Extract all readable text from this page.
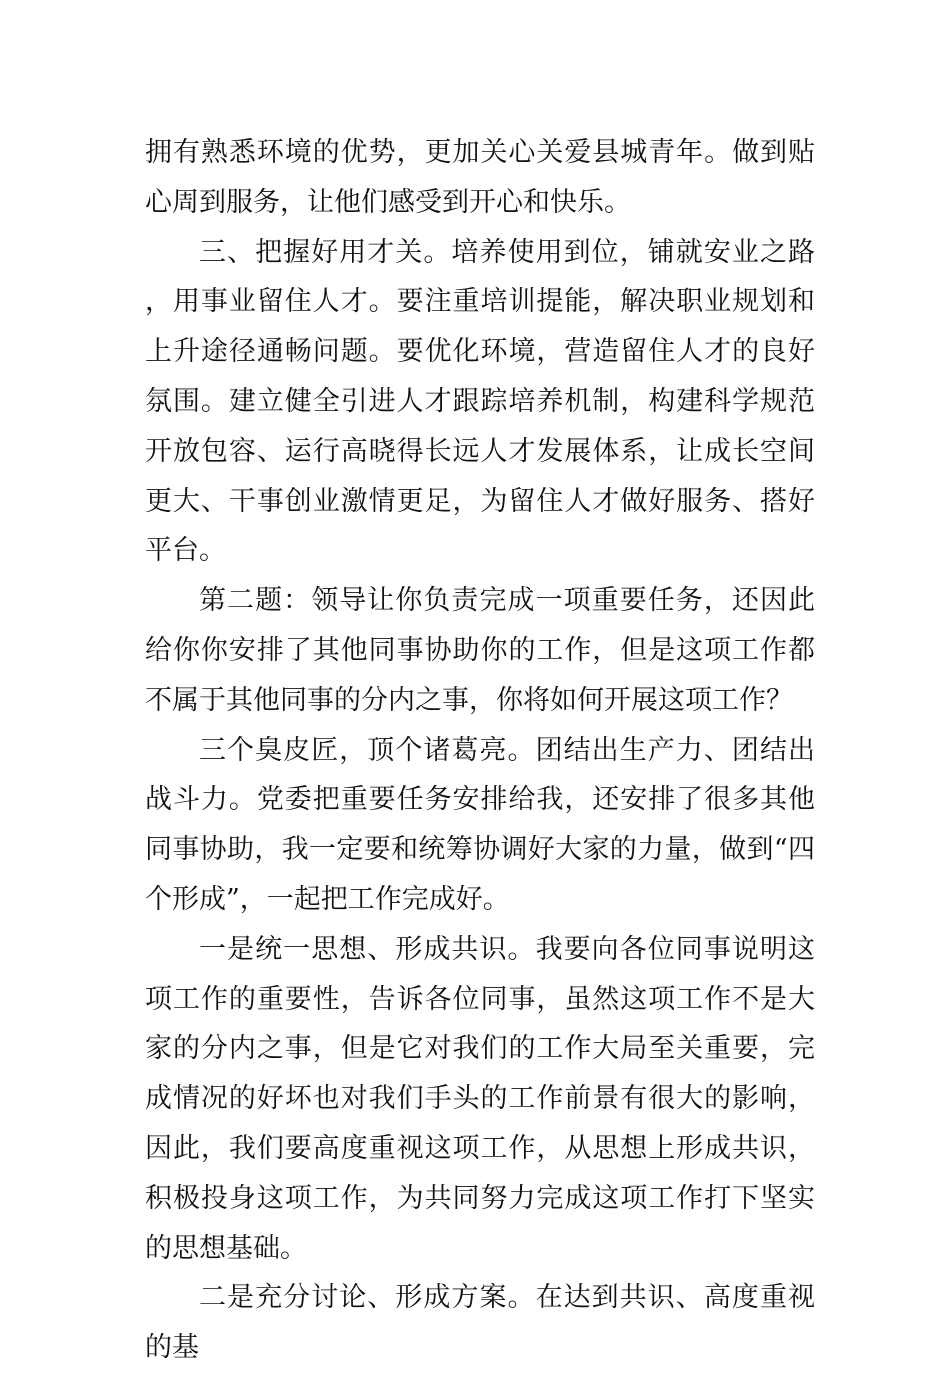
拥有熟悉环境的优势，更加关心关爱县城青年。做到贴心周到服务，让他们感受到开心和快乐。

三、把握好用才关。培养使用到位，铺就安业之路，用事业留住人才。要注重培训提能，解决职业规划和上升途径通畅问题。要优化环境，营造留住人才的良好氛围。建立健全引进人才跟踪培养机制，构建科学规范开放包容、运行高晓得长远人才发展体系，让成长空间更大、干事创业激情更足，为留住人才做好服务、搭好平台。

第二题：领导让你负责完成一项重要任务，还因此给你你安排了其他同事协助你的工作，但是这项工作都不属于其他同事的分内之事，你将如何开展这项工作？

三个臭皮匠，顶个诸葛亮。团结出生产力、团结出战斗力。党委把重要任务安排给我，还安排了很多其他同事协助，我一定要和统筹协调好大家的力量，做到“四个形成”，一起把工作完成好。

一是统一思想、形成共识。我要向各位同事说明这项工作的重要性，告诉各位同事，虽然这项工作不是大家的分内之事，但是它对我们的工作大局至关重要，完成情况的好坏也对我们手头的工作前景有很大的影响，因此，我们要高度重视这项工作，从思想上形成共识，积极投身这项工作，为共同努力完成这项工作打下坚实的思想基础。

二是充分讨论、形成方案。在达到共识、高度重视的基
